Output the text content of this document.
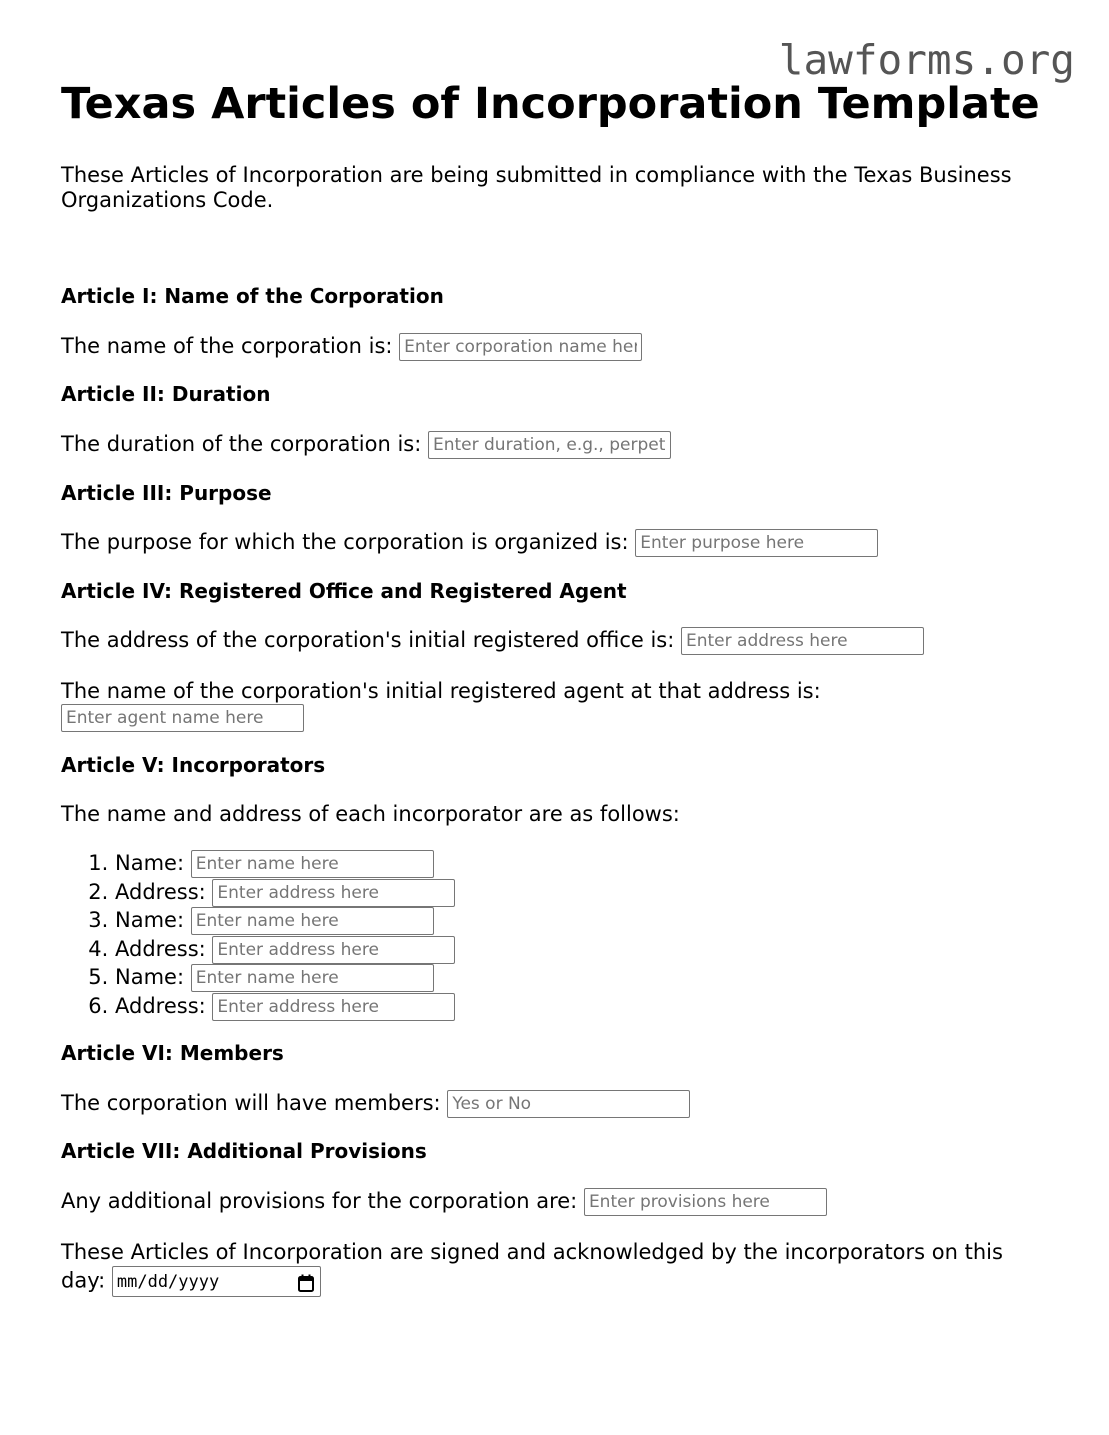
lawforms.org
Texas Articles of Incorporation Template

These Articles of Incorporation are being submitted in compliance with the Texas Business Organizations Code.

Article I: Name of the Corporation
The name of the corporation is: Enter corporation name here
Article II: Duration
The duration of the corporation is: Enter duration, e.g., perpetual
Article III: Purpose
The purpose for which the corporation is organized is: Enter purpose here
Article IV: Registered Office and Registered Agent
The address of the corporation's initial registered office is: Enter address here
The name of the corporation's initial registered agent at that address is:
Enter agent name here
Article V: Incorporators
The name and address of each incorporator are as follows:
1. Name: Enter name here
2. Address: Enter address here
3. Name: Enter name here
4. Address: Enter address here
5. Name: Enter name here
6. Address: Enter address here
Article VI: Members
The corporation will have members: Yes or No
Article VII: Additional Provisions
Any additional provisions for the corporation are: Enter provisions here
These Articles of Incorporation are signed and acknowledged by the incorporators on this day: mm/dd/yyyy
